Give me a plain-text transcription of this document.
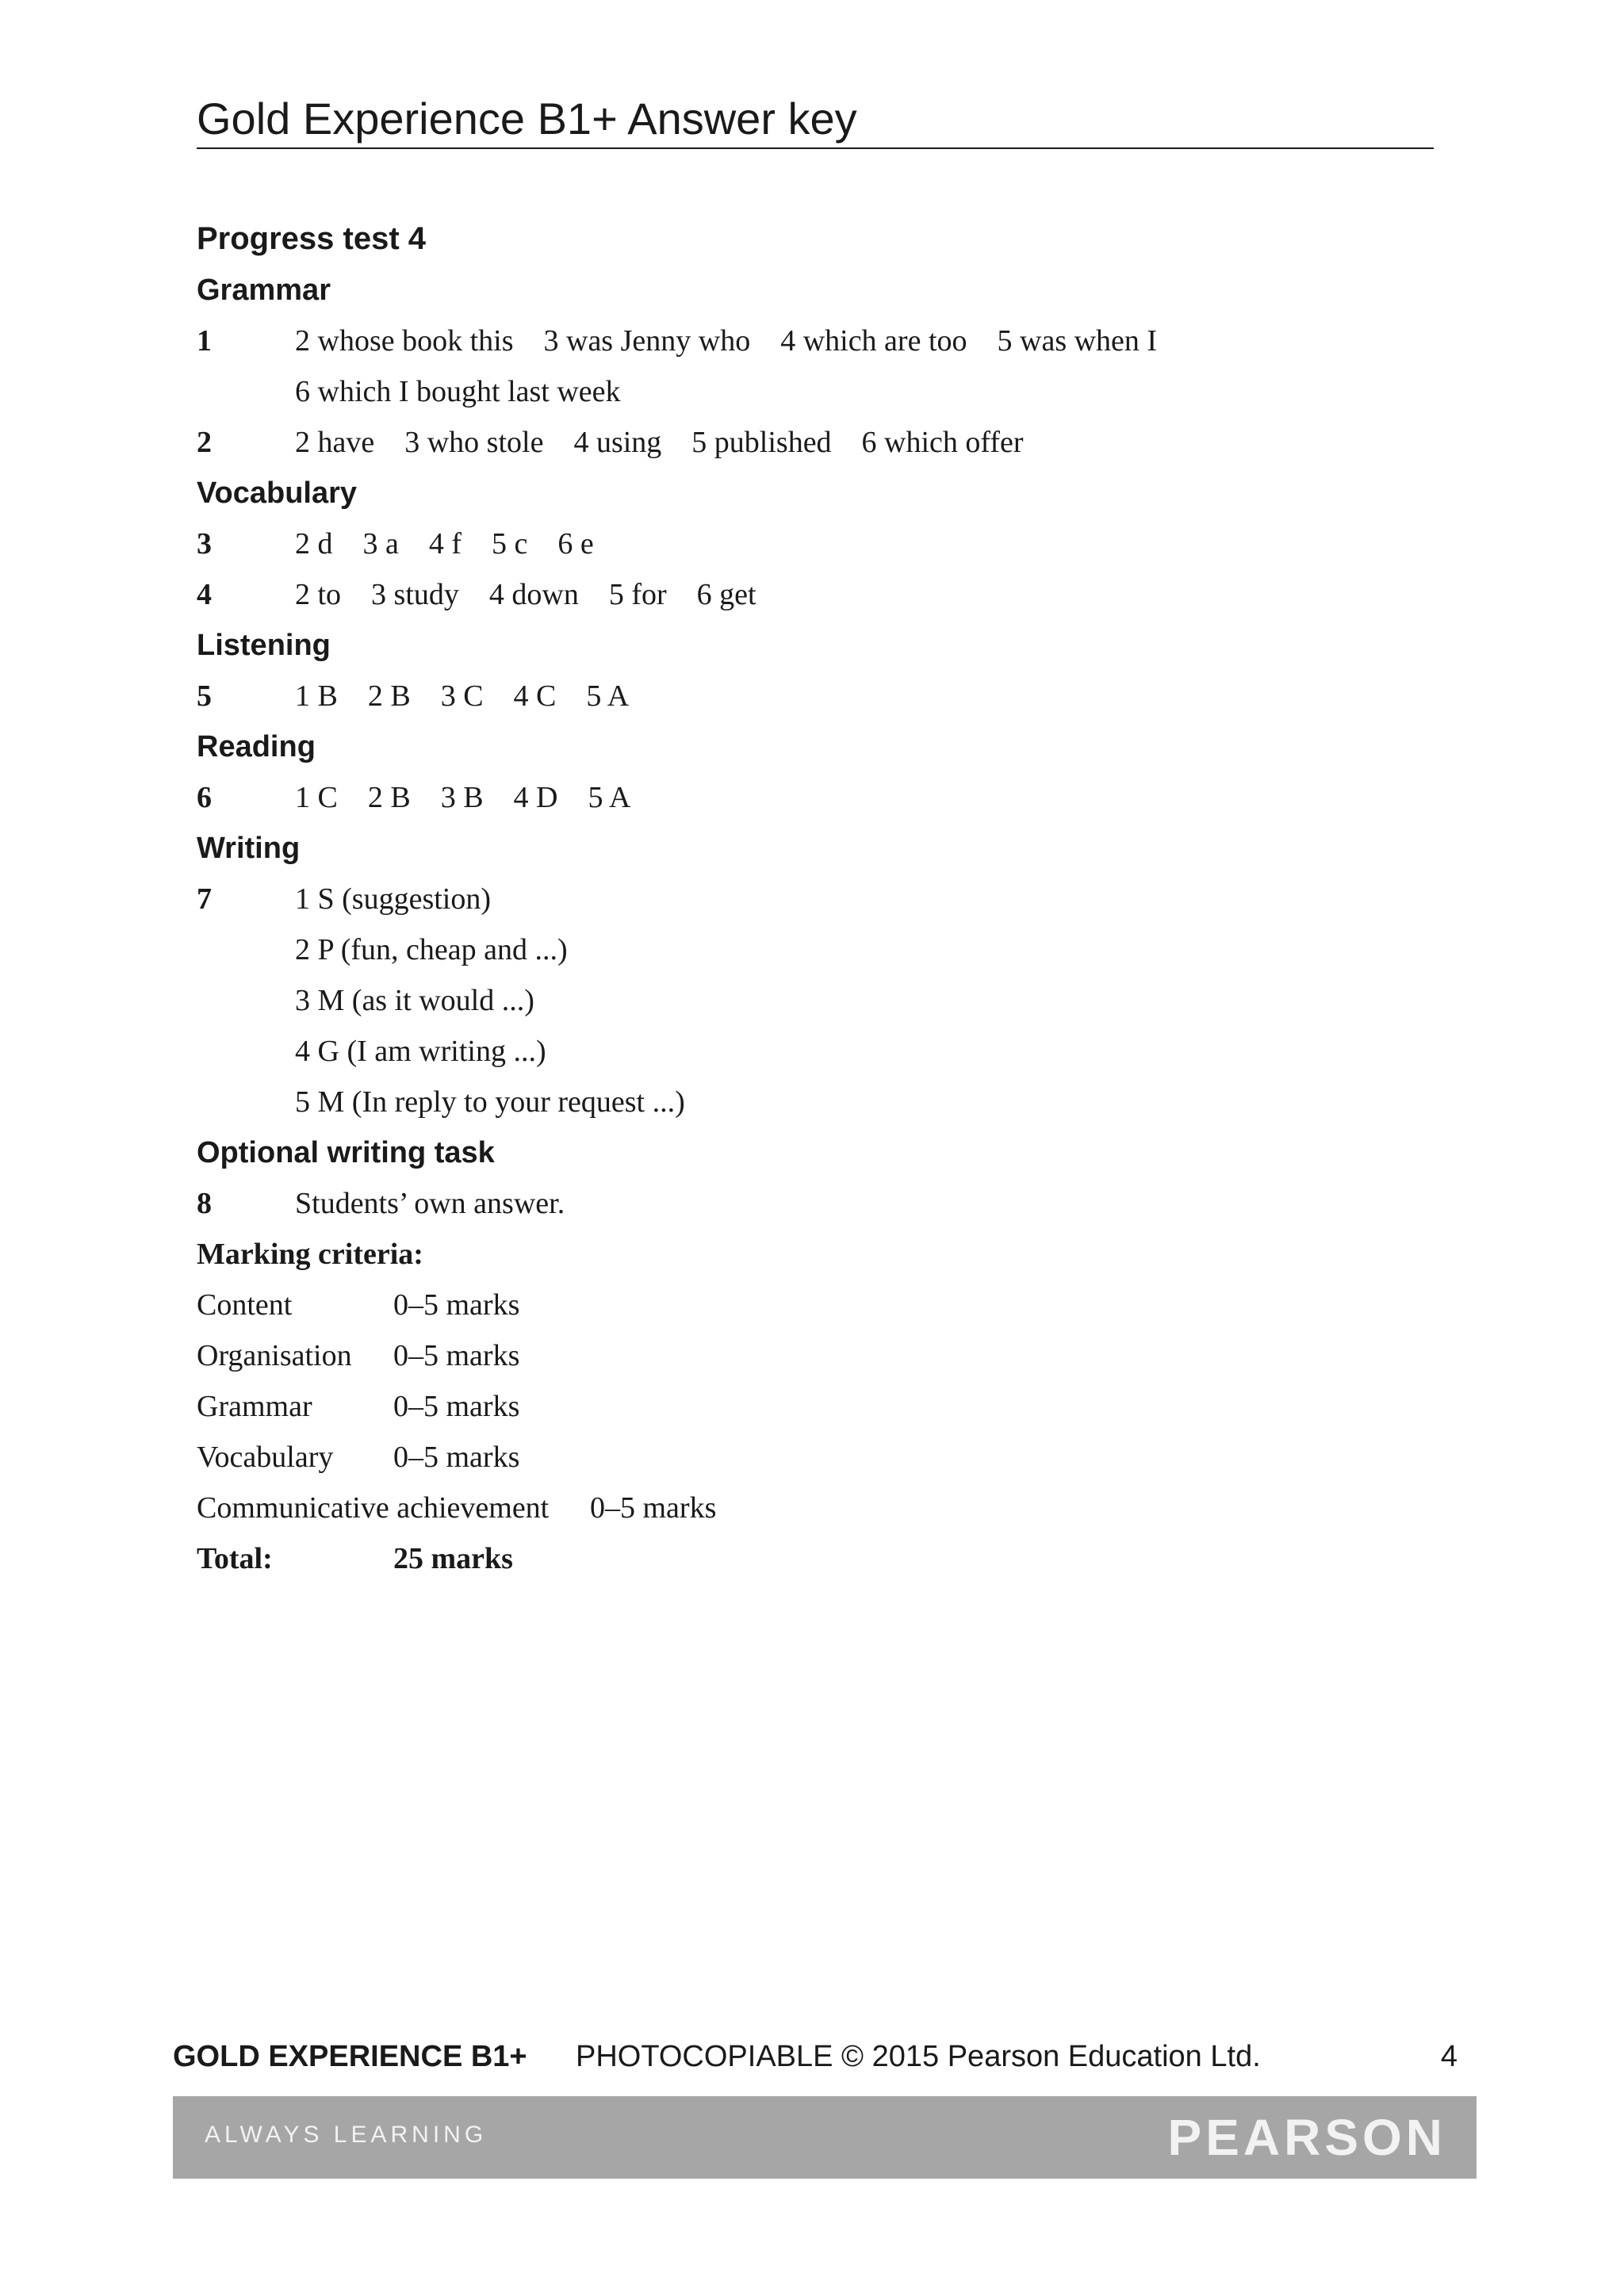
Gold Experience B1+ Answer key
Progress test 4
Grammar
1	2 whose book this    3 was Jenny who    4 which are too    5 was when I
6 which I bought last week
2	2 have    3 who stole    4 using    5 published    6 which offer
Vocabulary
3	2 d    3 a    4 f    5 c    6 e
4	2 to    3 study    4 down    5 for    6 get
Listening
5	1 B    2 B    3 C    4 C    5 A
Reading
6	1 C    2 B    3 B    4 D    5 A
Writing
7	1 S (suggestion)
2 P (fun, cheap and ...)
3 M (as it would ...)
4 G (I am writing ...)
5 M (In reply to your request ...)
Optional writing task
8	Students’ own answer.
Marking criteria:
Content	0–5 marks
Organisation	0–5 marks
Grammar	0–5 marks
Vocabulary	0–5 marks
Communicative achievement	0–5 marks
Total:	25 marks
GOLD EXPERIENCE B1+ PHOTOCOPIABLE © 2015 Pearson Education Ltd.	4
ALWAYS LEARNING	PEARSON
